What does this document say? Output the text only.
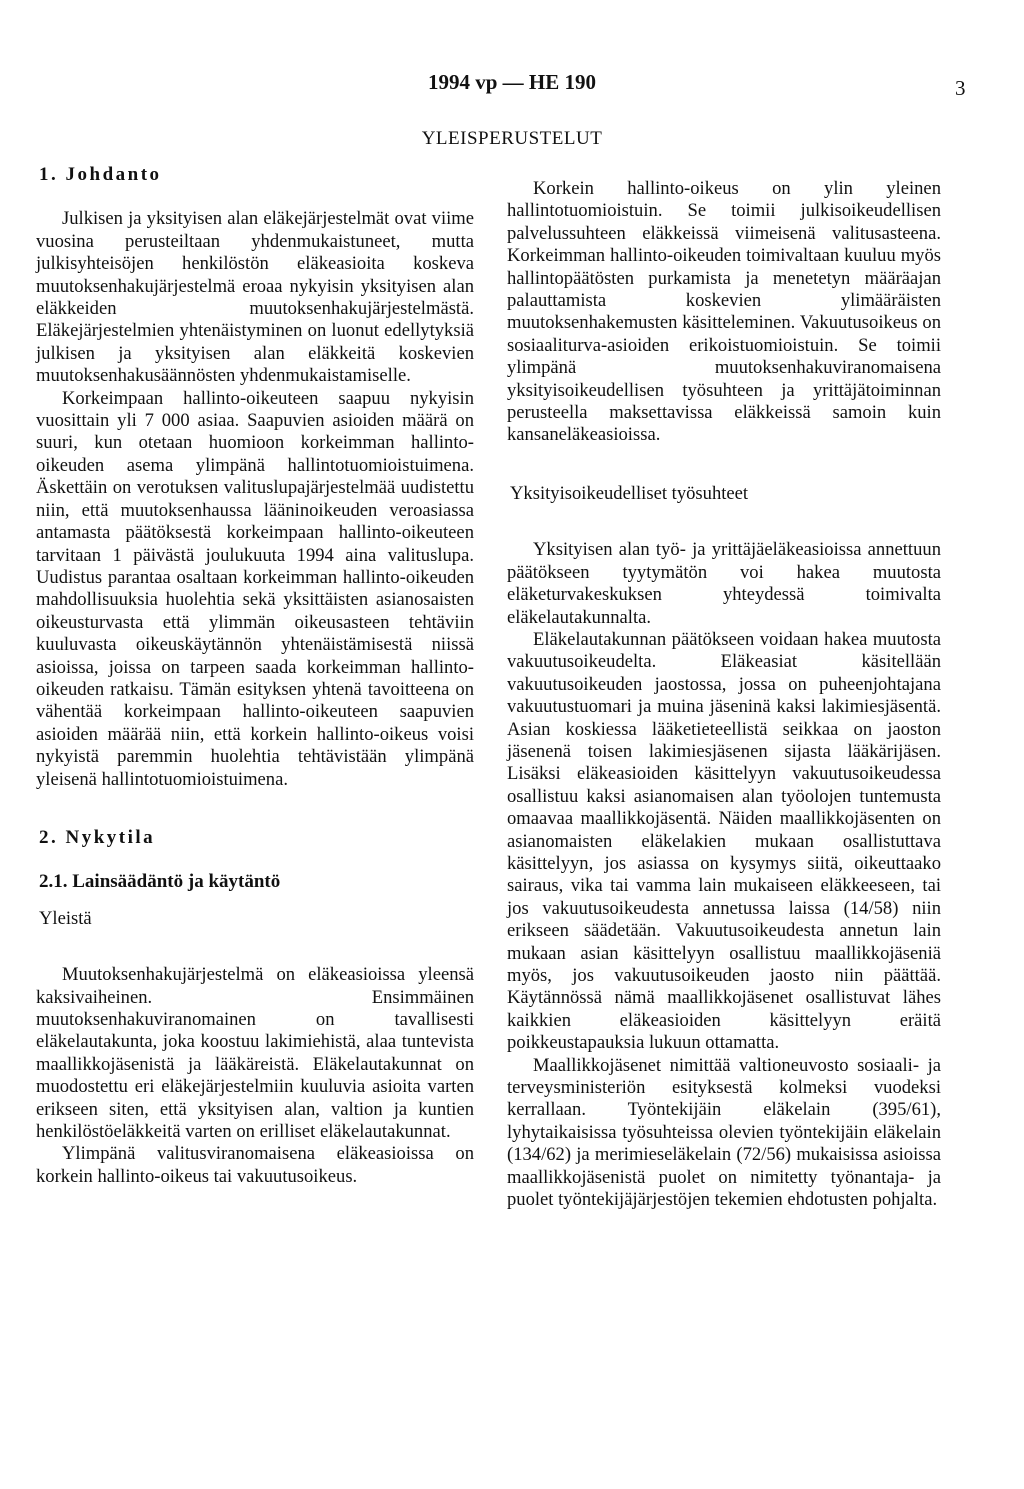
1994 vp — HE 190	3
YLEISPERUSTELUT
1. Johdanto

Julkisen ja yksityisen alan eläkejärjestelmät ovat viime vuosina perusteiltaan yhdenmukaistuneet, mutta julkisyhteisöjen henkilöstön eläkeasioita koskeva muutoksenhakujärjestelmä eroaa nykyisin yksityisen alan eläkkeiden muutoksenhakujärjestelmästä. Eläkejärjestelmien yhtenäistyminen on luonut edellytyksiä julkisen ja yksityisen alan eläkkeitä koskevien muutoksenhakusäännösten yhdenmukaistamiselle.

Korkeimpaan hallinto-oikeuteen saapuu nykyisin vuosittain yli 7 000 asiaa. Saapuvien asioiden määrä on suuri, kun otetaan huomioon korkeimman hallinto-oikeuden asema ylimpänä hallintotuomioistuimena. Äskettäin on verotuksen valituslupajärjestelmää uudistettu niin, että muutoksenhaussa lääninoikeuden veroasiassa antamasta päätöksestä korkeimpaan hallinto-oikeuteen tarvitaan 1 päivästä joulukuuta 1994 aina valituslupa. Uudistus parantaa osaltaan korkeimman hallinto-oikeuden mahdollisuuksia huolehtia sekä yksittäisten asianosaisten oikeusturvasta että ylimmän oikeusasteen tehtäviin kuuluvasta oikeuskäytännön yhtenäistämisestä niissä asioissa, joissa on tarpeen saada korkeimman hallinto-oikeuden ratkaisu. Tämän esityksen yhtenä tavoitteena on vähentää korkeimpaan hallinto-oikeuteen saapuvien asioiden määrää niin, että korkein hallinto-oikeus voisi nykyistä paremmin huolehtia tehtävistään ylimpänä yleisenä hallintotuomioistuimena.

2. Nykytila
2.1. Lainsäädäntö ja käytäntö
Yleistä

Muutoksenhakujärjestelmä on eläkeasioissa yleensä kaksivaiheinen. Ensimmäinen muutoksenhakuviranomainen on tavallisesti eläkelautakunta, joka koostuu lakimiehistä, alaa tuntevista maallikkojäsenistä ja lääkäreistä. Eläkelautakunnat on muodostettu eri eläkejärjestelmiin kuuluvia asioita varten erikseen siten, että yksityisen alan, valtion ja kuntien henkilöstöeläkkeitä varten on erilliset eläkelautakunnat.

Ylimpänä valitusviranomaisena eläkeasioissa on korkein hallinto-oikeus tai vakuutusoikeus.

Korkein hallinto-oikeus on ylin yleinen hallintotuomioistuin. Se toimii julkisoikeudellisen palvelussuhteen eläkkeissä viimeisenä valitusasteena. Korkeimman hallinto-oikeuden toimivaltaan kuuluu myös hallintopäätösten purkamista ja menetetyn määräajan palauttamista koskevien ylimääräisten muutoksenhakemusten käsitteleminen. Vakuutusoikeus on sosiaaliturva-asioiden erikoistuomioistuin. Se toimii ylimpänä muutoksenhakuviranomaisena yksityisoikeudellisen työsuhteen ja yrittäjätoiminnan perusteella maksettavissa eläkkeissä samoin kuin kansaneläkeasioissa.

Yksityisoikeudelliset työsuhteet

Yksityisen alan työ- ja yrittäjäeläkeasioissa annettuun päätökseen tyytymätön voi hakea muutosta eläketurvakeskuksen yhteydessä toimivalta eläkelautakunnalta.

Eläkelautakunnan päätökseen voidaan hakea muutosta vakuutusoikeudelta. Eläkeasiat käsitellään vakuutusoikeuden jaostossa, jossa on puheenjohtajana vakuutustuomari ja muina jäseninä kaksi lakimiesjäsentä. Asian koskiessa lääketieteellistä seikkaa on jaoston jäsenenä toisen lakimiesjäsenen sijasta lääkärijäsen. Lisäksi eläkeasioiden käsittelyyn vakuutusoikeudessa osallistuu kaksi asianomaisen alan työolojen tuntemusta omaavaa maallikkojäsentä. Näiden maallikkojäsenten on asianomaisten eläkelakien mukaan osallistuttava käsittelyyn, jos asiassa on kysymys siitä, oikeuttaako sairaus, vika tai vamma lain mukaiseen eläkkeeseen, tai jos vakuutusoikeudesta annetussa laissa (14/58) niin erikseen säädetään. Vakuutusoikeudesta annetun lain mukaan asian käsittelyyn osallistuu maallikkojäseniä myös, jos vakuutusoikeuden jaosto niin päättää. Käytännössä nämä maallikkojäsenet osallistuvat lähes kaikkien eläkeasioiden käsittelyyn eräitä poikkeustapauksia lukuun ottamatta.

Maallikkojäsenet nimittää valtioneuvosto sosiaali- ja terveysministeriön esityksestä kolmeksi vuodeksi kerrallaan. Työntekijäin eläkelain (395/61), lyhytaikaisissa työsuhteissa olevien työntekijäin eläkelain (134/62) ja merimieseläkelain (72/56) mukaisissa asioissa maallikkojäsenistä puolet on nimitetty työnantaja- ja puolet työntekijäjärjestöjen tekemien ehdotusten pohjalta.
